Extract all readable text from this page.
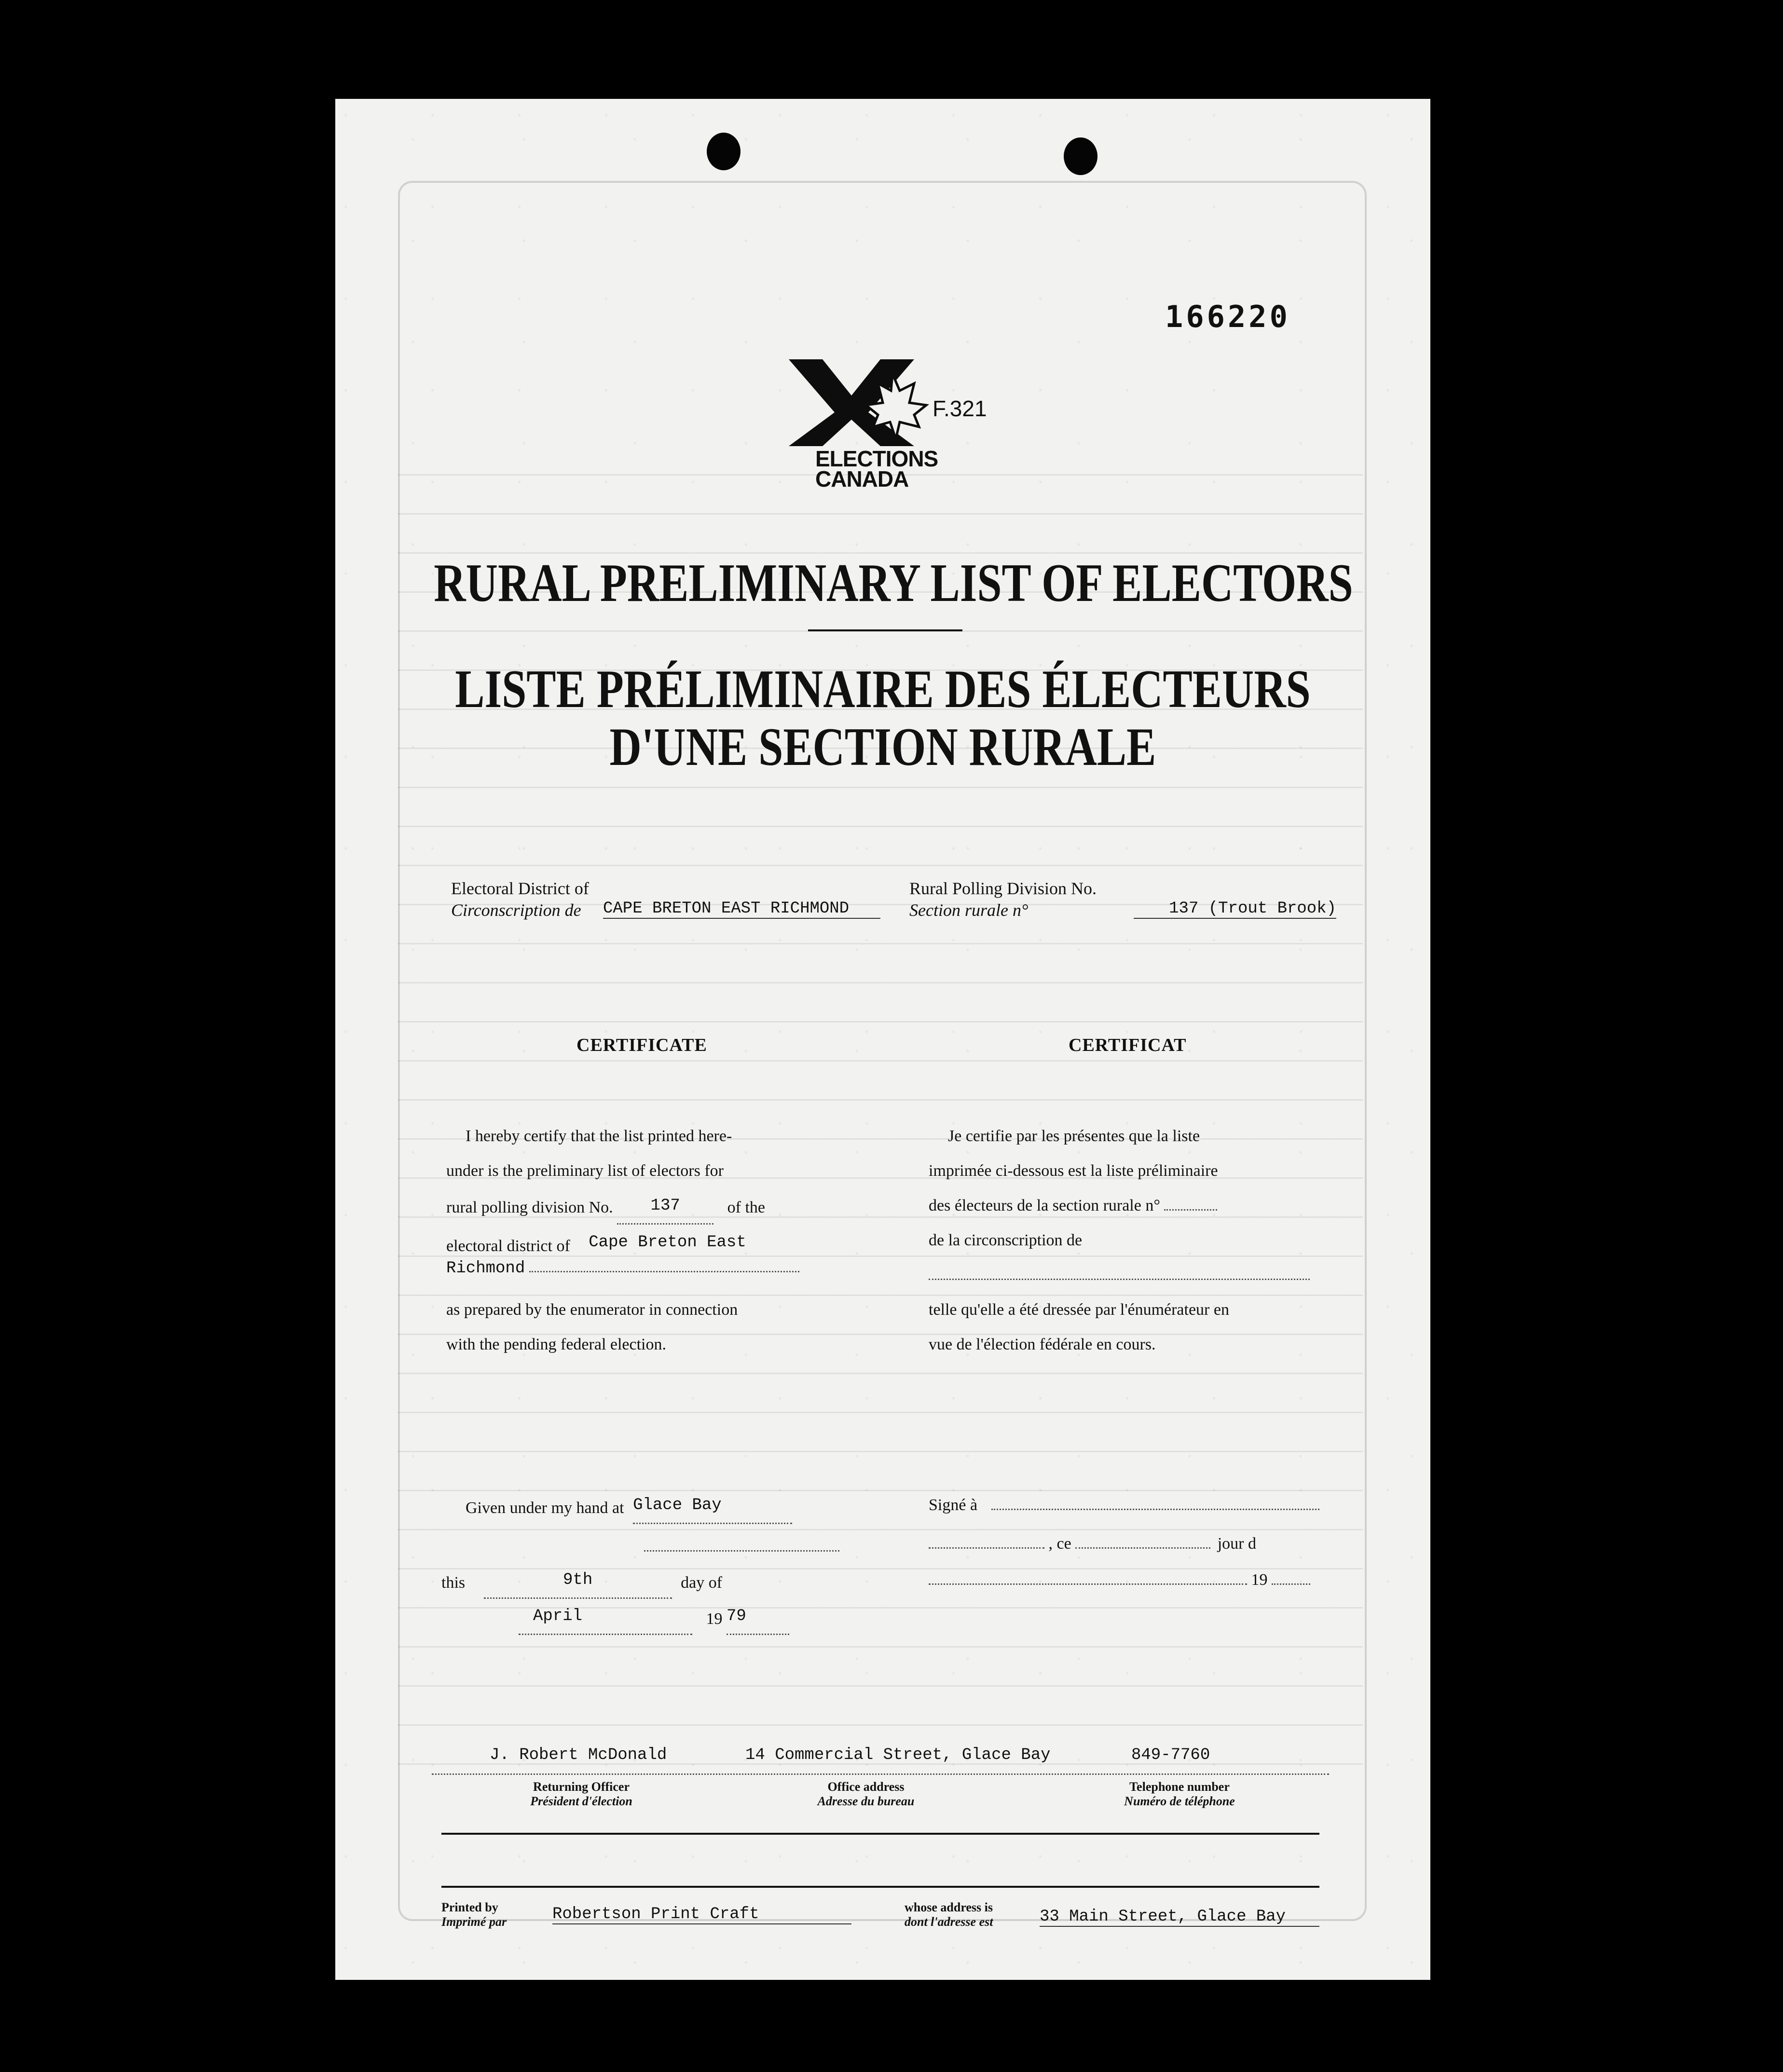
166220
ELECTIONS
CANADA
F.321
RURAL PRELIMINARY LIST OF ELECTORS
LISTE PRÉLIMINAIRE DES ÉLECTEURS
D'UNE SECTION RURALE
Electoral District of
Circonscription de CAPE BRETON EAST RICHMOND
Rural Polling Division No.
Section rurale n°	137 (Trout Brook)
CERTIFICATE
I hereby certify that the list printed here-
under is the preliminary list of electors for
rural polling division No. 137	of the
electoral district of Cape Breton East
Richmond
as prepared by the enumerator in connection
with the pending federal election.
Given under my hand at Glace Bay
this	9th	day of
April	19 79
CERTIFICAT
Je certifie par les présentes que la liste
imprimée ci-dessous est la liste préliminaire
des électeurs de la section rurale n°
de la circonscription de
telle qu'elle a été dressée par l'énumérateur en
vue de l'élection fédérale en cours.
Signé à
, ce	jour d
19
J. Robert McDonald	14 Commercial Street, Glace Bay	849-7760
Returning Officer
Président d'élection
Office address
Adresse du bureau
Telephone number
Numéro de téléphone
Printed by
Imprimé par	Robertson Print Craft	whose address is
dont l'adresse est	33 Main Street, Glace Bay
